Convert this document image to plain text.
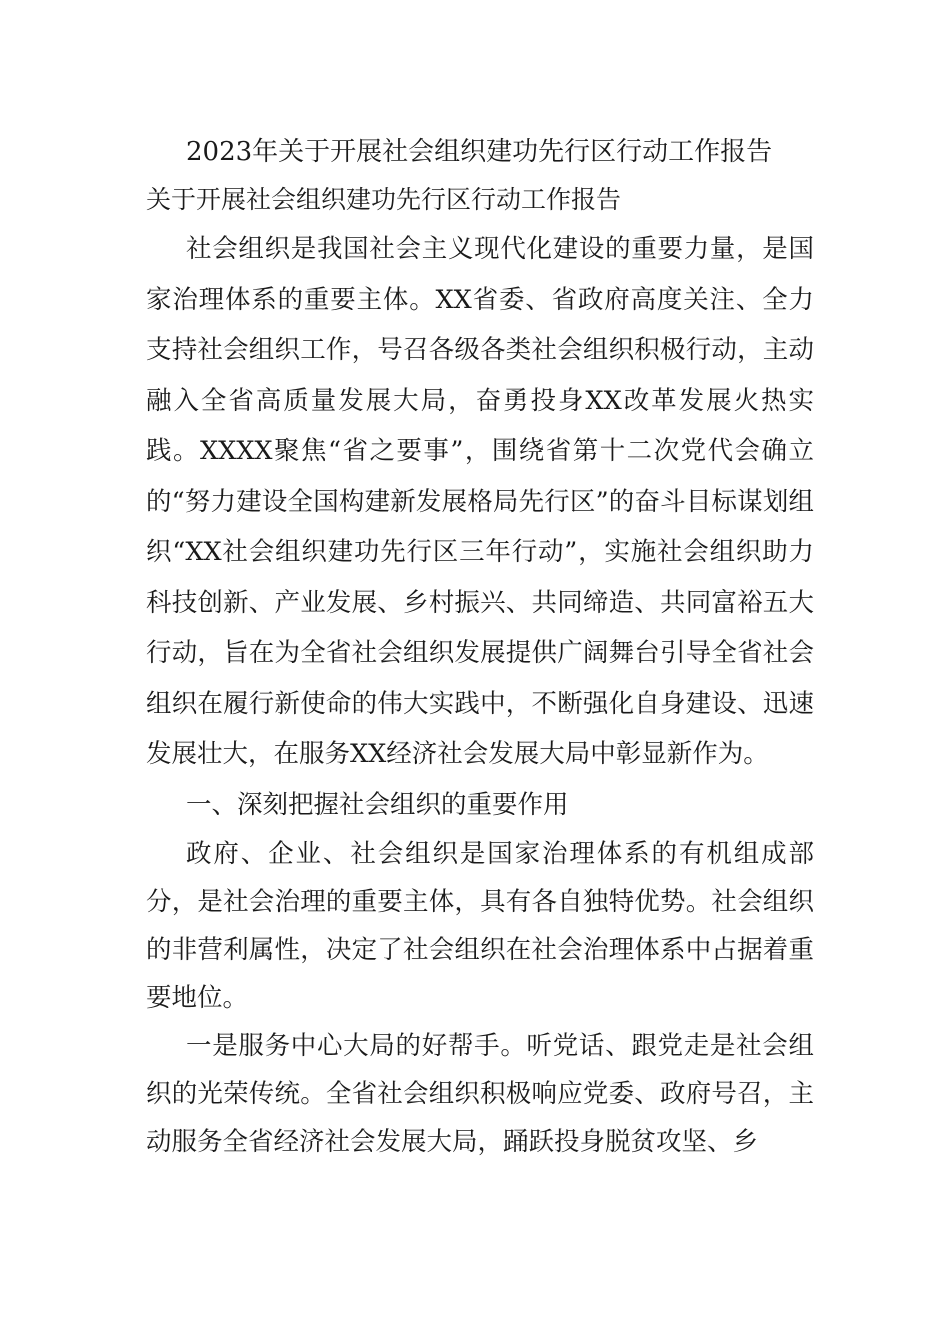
2023年关于开展社会组织建功先行区行动工作报告

关于开展社会组织建功先行区行动工作报告

社会组织是我国社会主义现代化建设的重要力量，是国家治理体系的重要主体。XX省委、省政府高度关注、全力支持社会组织工作，号召各级各类社会组织积极行动，主动融入全省高质量发展大局，奋勇投身XX改革发展火热实践。XXXX聚焦“省之要事”，围绕省第十二次党代会确立的“努力建设全国构建新发展格局先行区”的奋斗目标谋划组织“XX社会组织建功先行区三年行动”，实施社会组织助力科技创新、产业发展、乡村振兴、共同缔造、共同富裕五大行动，旨在为全省社会组织发展提供广阔舞台引导全省社会组织在履行新使命的伟大实践中，不断强化自身建设、迅速发展壮大，在服务XX经济社会发展大局中彰显新作为。

一、深刻把握社会组织的重要作用

政府、企业、社会组织是国家治理体系的有机组成部分，是社会治理的重要主体，具有各自独特优势。社会组织的非营利属性，决定了社会组织在社会治理体系中占据着重要地位。

一是服务中心大局的好帮手。听党话、跟党走是社会组织的光荣传统。全省社会组织积极响应党委、政府号召，主动服务全省经济社会发展大局，踊跃投身脱贫攻坚、乡
